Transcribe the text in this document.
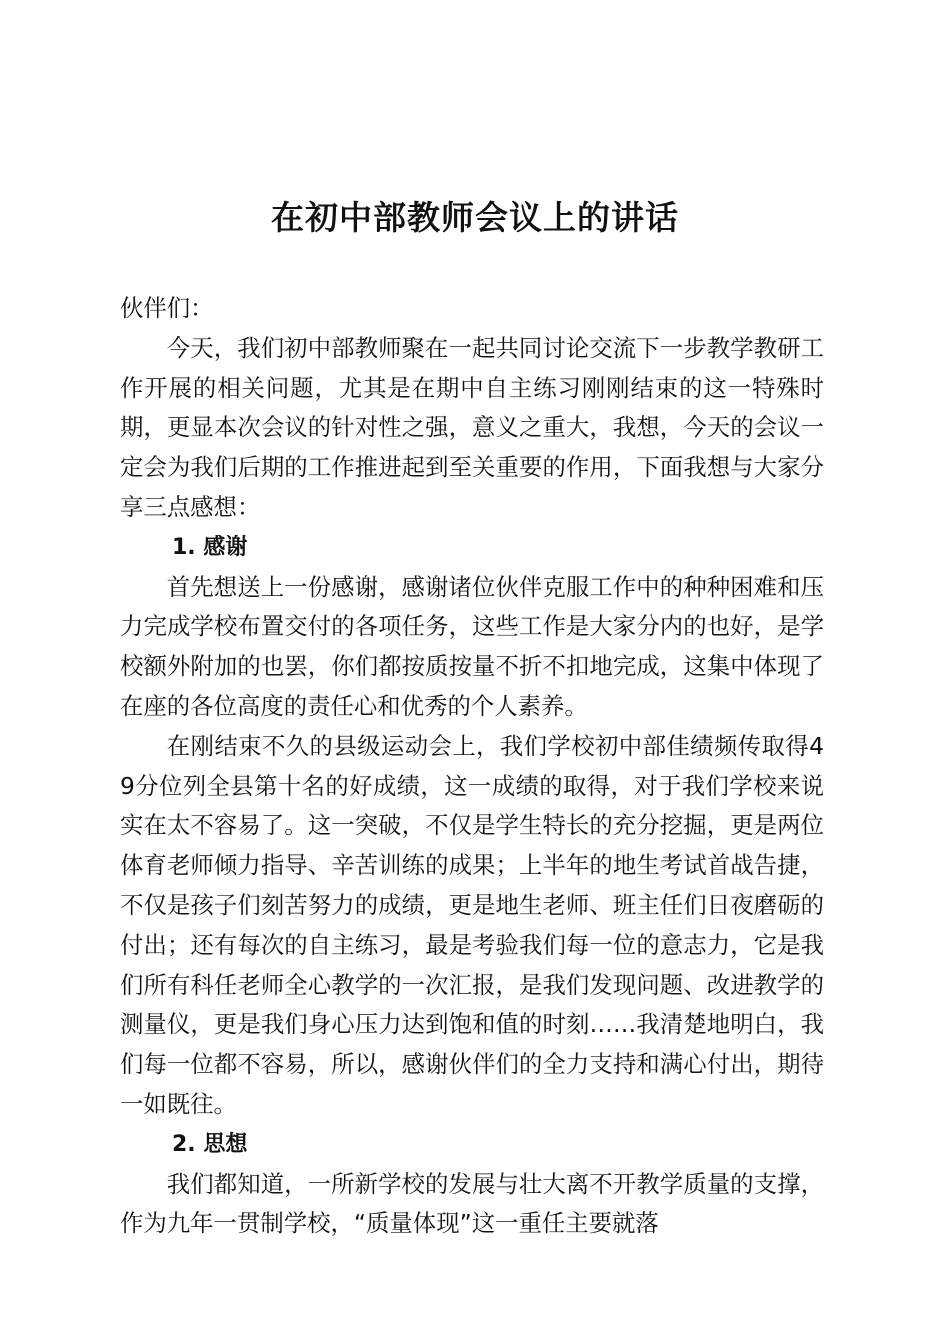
在初中部教师会议上的讲话

伙伴们：

今天，我们初中部教师聚在一起共同讨论交流下一步教学教研工作开展的相关问题，尤其是在期中自主练习刚刚结束的这一特殊时期，更显本次会议的针对性之强，意义之重大，我想，今天的会议一定会为我们后期的工作推进起到至关重要的作用，下面我想与大家分享三点感想：

1. 感谢

首先想送上一份感谢，感谢诸位伙伴克服工作中的种种困难和压力完成学校布置交付的各项任务，这些工作是大家分内的也好，是学校额外附加的也罢，你们都按质按量不折不扣地完成，这集中体现了在座的各位高度的责任心和优秀的个人素养。

在刚结束不久的县级运动会上，我们学校初中部佳绩频传取得49分位列全县第十名的好成绩，这一成绩的取得，对于我们学校来说实在太不容易了。这一突破，不仅是学生特长的充分挖掘，更是两位体育老师倾力指导、辛苦训练的成果；上半年的地生考试首战告捷，不仅是孩子们刻苦努力的成绩，更是地生老师、班主任们日夜磨砺的付出；还有每次的自主练习，最是考验我们每一位的意志力，它是我们所有科任老师全心教学的一次汇报，是我们发现问题、改进教学的测量仪，更是我们身心压力达到饱和值的时刻……我清楚地明白，我们每一位都不容易，所以，感谢伙伴们的全力支持和满心付出，期待一如既往。

2. 思想

我们都知道，一所新学校的发展与壮大离不开教学质量的支撑，作为九年一贯制学校，“质量体现”这一重任主要就落
